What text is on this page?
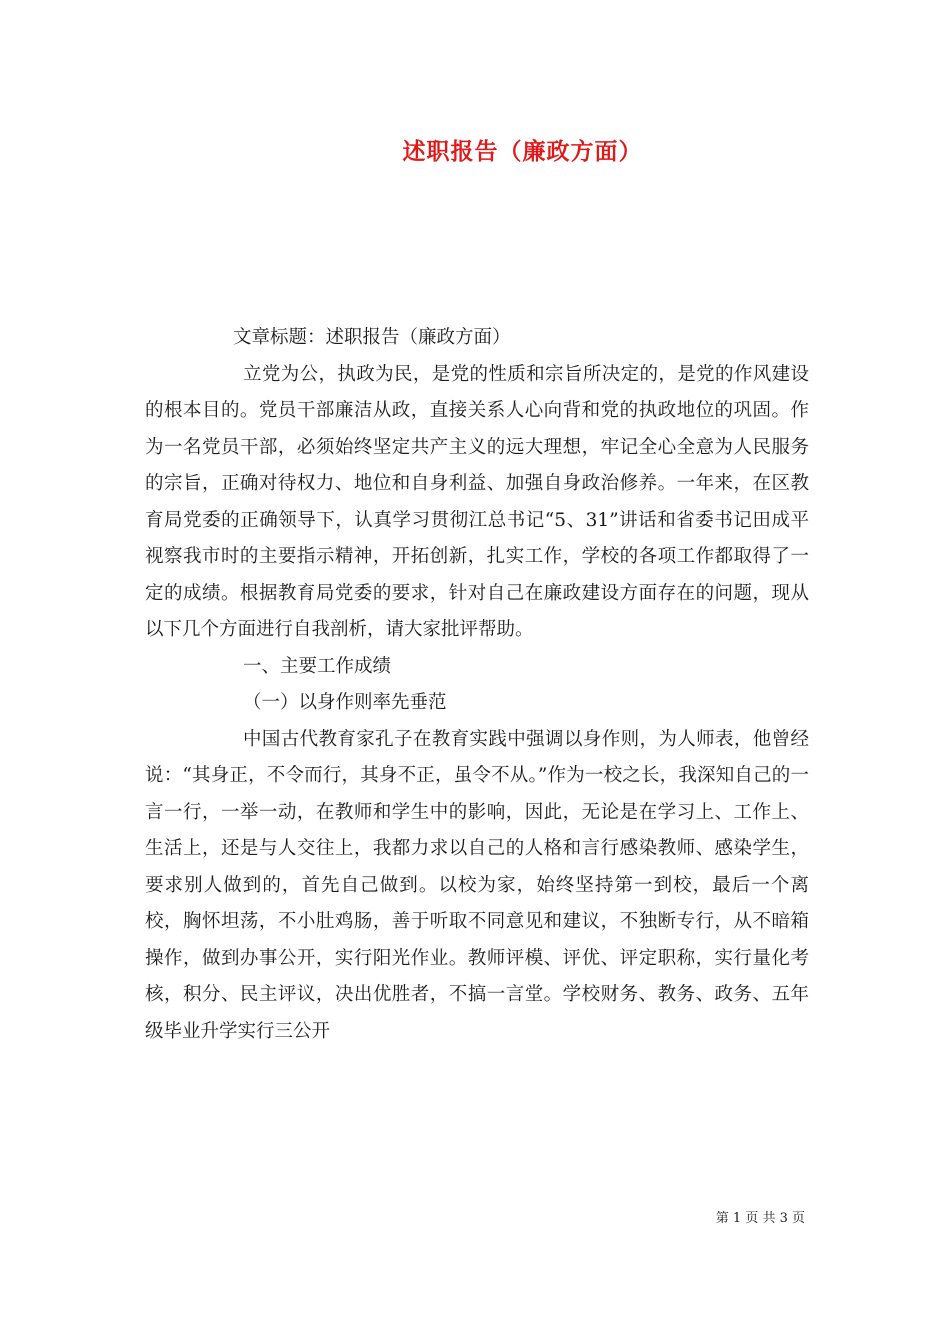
述职报告（廉政方面）

文章标题：述职报告（廉政方面）

立党为公，执政为民，是党的性质和宗旨所决定的，是党的作风建设的根本目的。党员干部廉洁从政，直接关系人心向背和党的执政地位的巩固。作为一名党员干部，必须始终坚定共产主义的远大理想，牢记全心全意为人民服务的宗旨，正确对待权力、地位和自身利益、加强自身政治修养。一年来，在区教育局党委的正确领导下，认真学习贯彻江总书记“5、31”讲话和省委书记田成平视察我市时的主要指示精神，开拓创新，扎实工作，学校的各项工作都取得了一定的成绩。根据教育局党委的要求，针对自己在廉政建设方面存在的问题，现从以下几个方面进行自我剖析，请大家批评帮助。

一、主要工作成绩

（一）以身作则率先垂范

中国古代教育家孔子在教育实践中强调以身作则，为人师表，他曾经说：“其身正，不令而行，其身不正，虽令不从。”作为一校之长，我深知自己的一言一行，一举一动，在教师和学生中的影响，因此，无论是在学习上、工作上、生活上，还是与人交往上，我都力求以自己的人格和言行感染教师、感染学生，要求别人做到的，首先自己做到。以校为家，始终坚持第一到校，最后一个离校，胸怀坦荡，不小肚鸡肠，善于听取不同意见和建议，不独断专行，从不暗箱操作，做到办事公开，实行阳光作业。教师评模、评优、评定职称，实行量化考核，积分、民主评议，决出优胜者，不搞一言堂。学校财务、教务、政务、五年级毕业升学实行三公开

第 1 页 共 3 页
